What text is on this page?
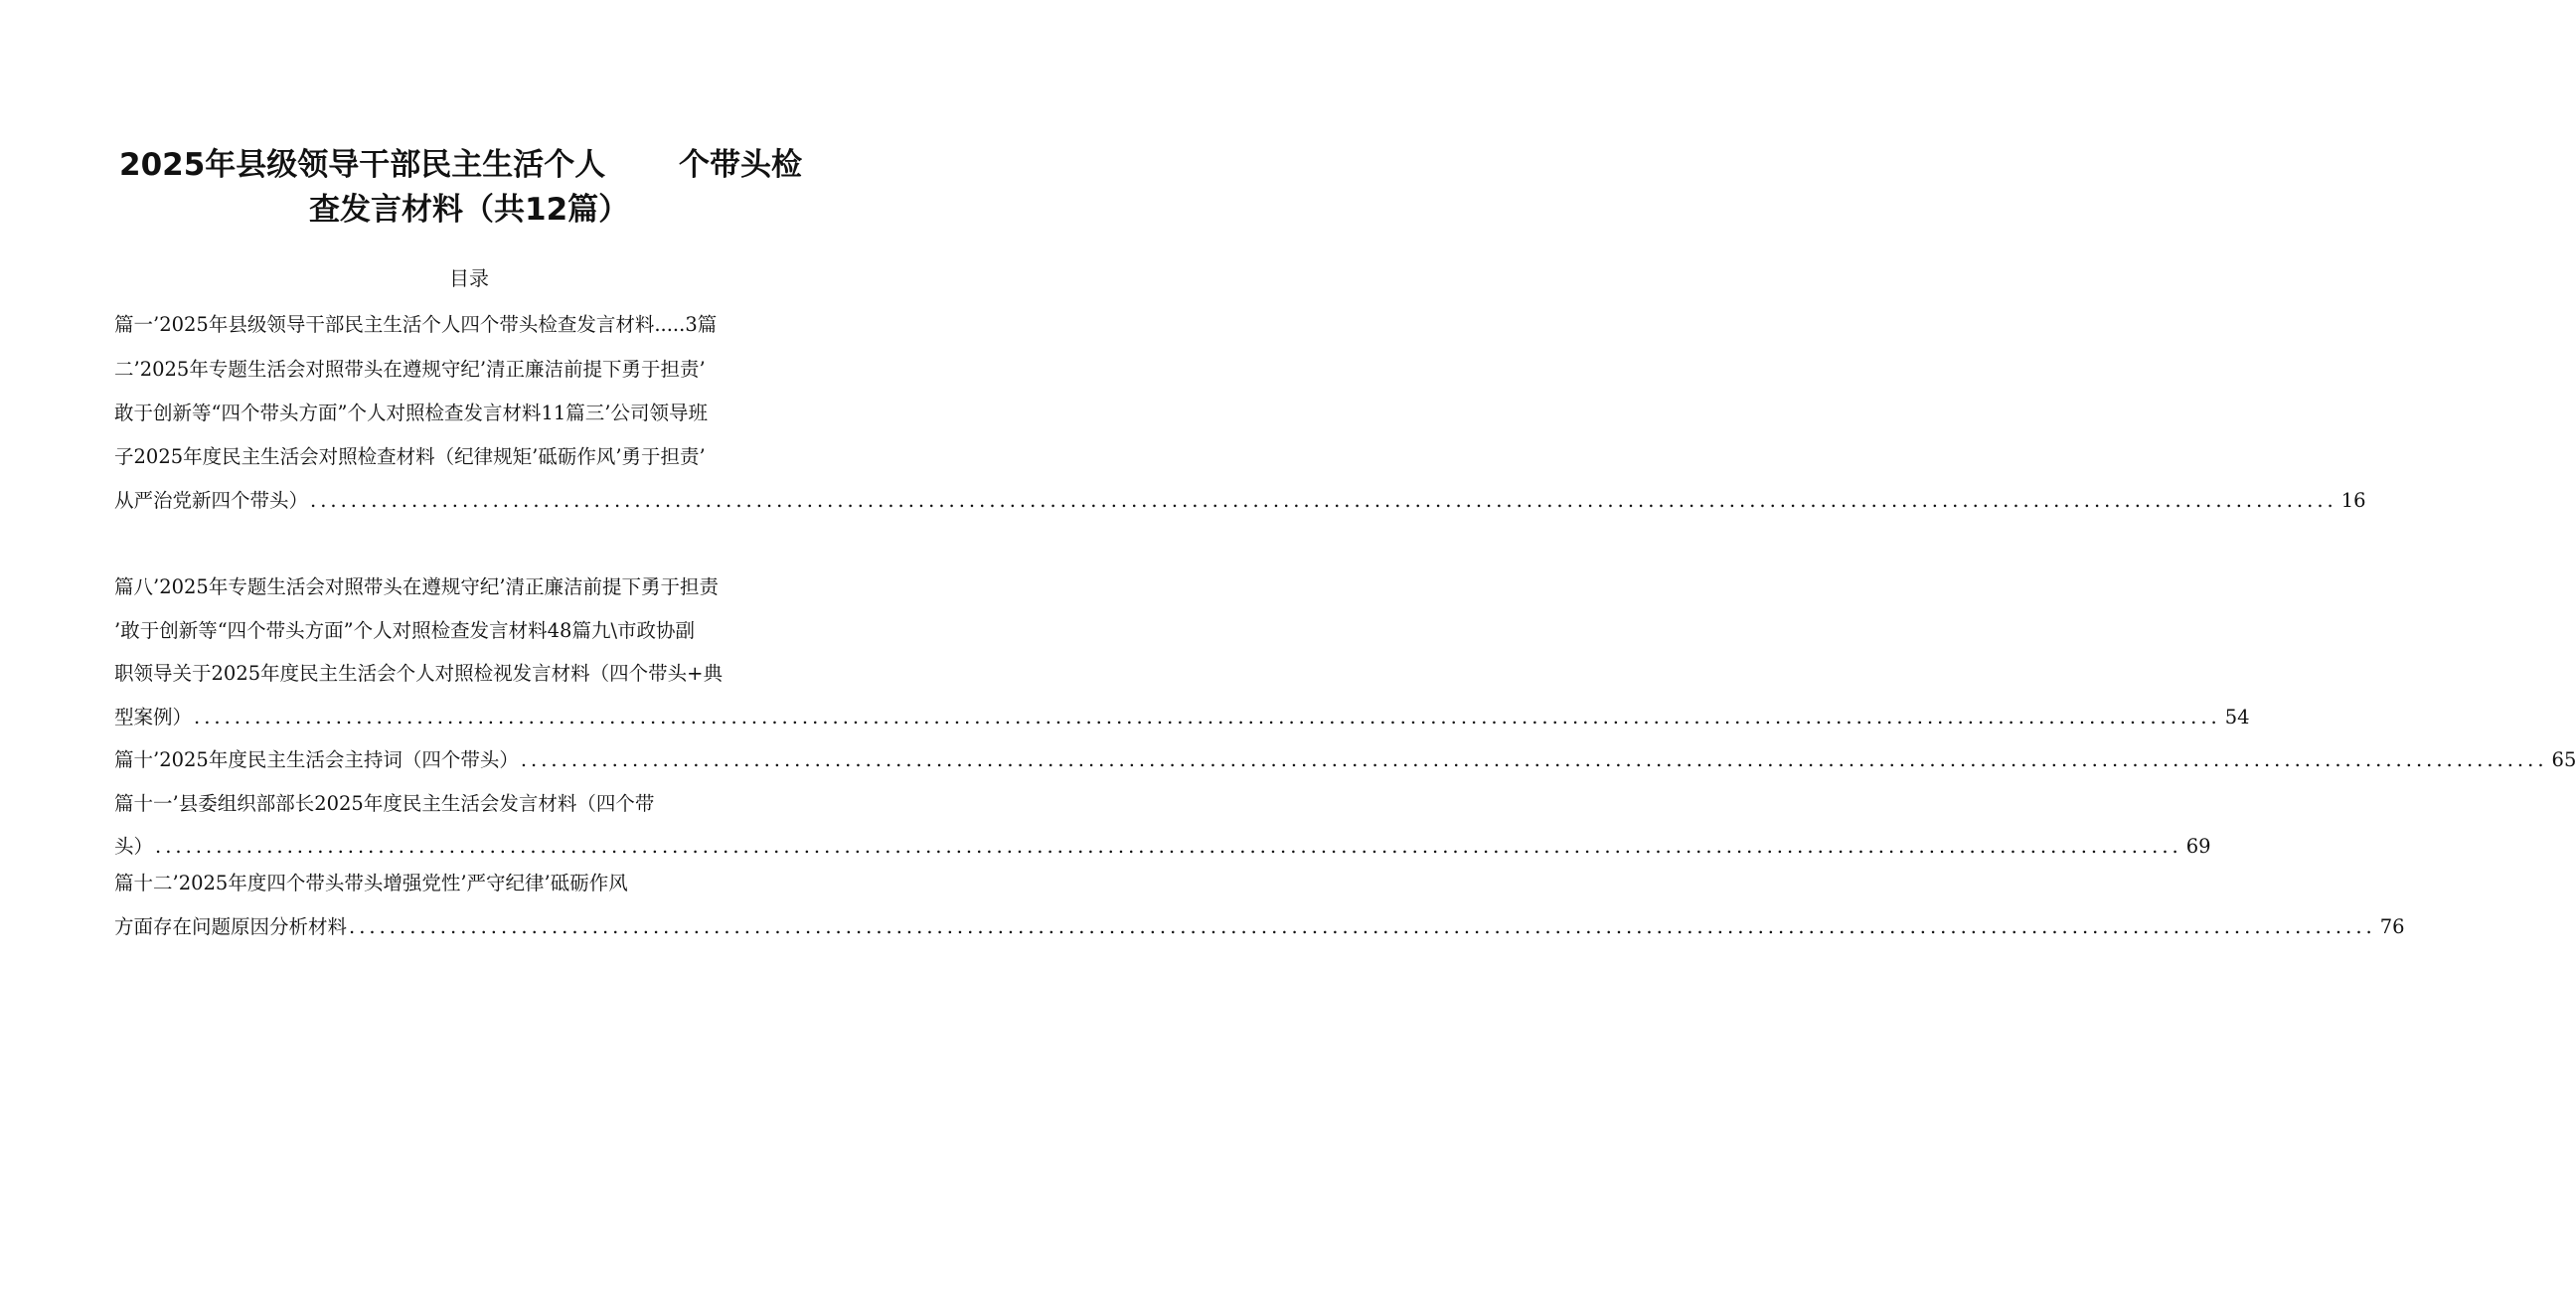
2025年县级领导干部民主生活个人 个带头检
查发言材料（共12篇）
目录
篇一’2025年县级领导干部民主生活个人四个带头检查发言材料.....3篇
二’2025年专题生活会对照带头在遵规守纪’清正廉洁前提下勇于担责’
敢于创新等“四个带头方面”个人对照检查发言材料11篇三’公司领导班
子2025年度民主生活会对照检查材料（纪律规矩’砥砺作风’勇于担责’
从严治党新四个带头） ........................................................................................................................................................................................................ 16
篇八’2025年专题生活会对照带头在遵规守纪’清正廉洁前提下勇于担责
’敢于创新等“四个带头方面”个人对照检查发言材料48篇九\市政协副
职领导关于2025年度民主生活会个人对照检视发言材料（四个带头+典
型案例） ........................................................................................................................................................................................................ 54
篇十’2025年度民主生活会主持词（四个带头） ........................................................................................................................................................................................................ 65
篇十一’县委组织部部长2025年度民主生活会发言材料（四个带
头） ........................................................................................................................................................................................................ 69
篇十二’2025年度四个带头带头增强党性’严守纪律’砥砺作风
方面存在问题原因分析材料 ........................................................................................................................................................................................................ 76
